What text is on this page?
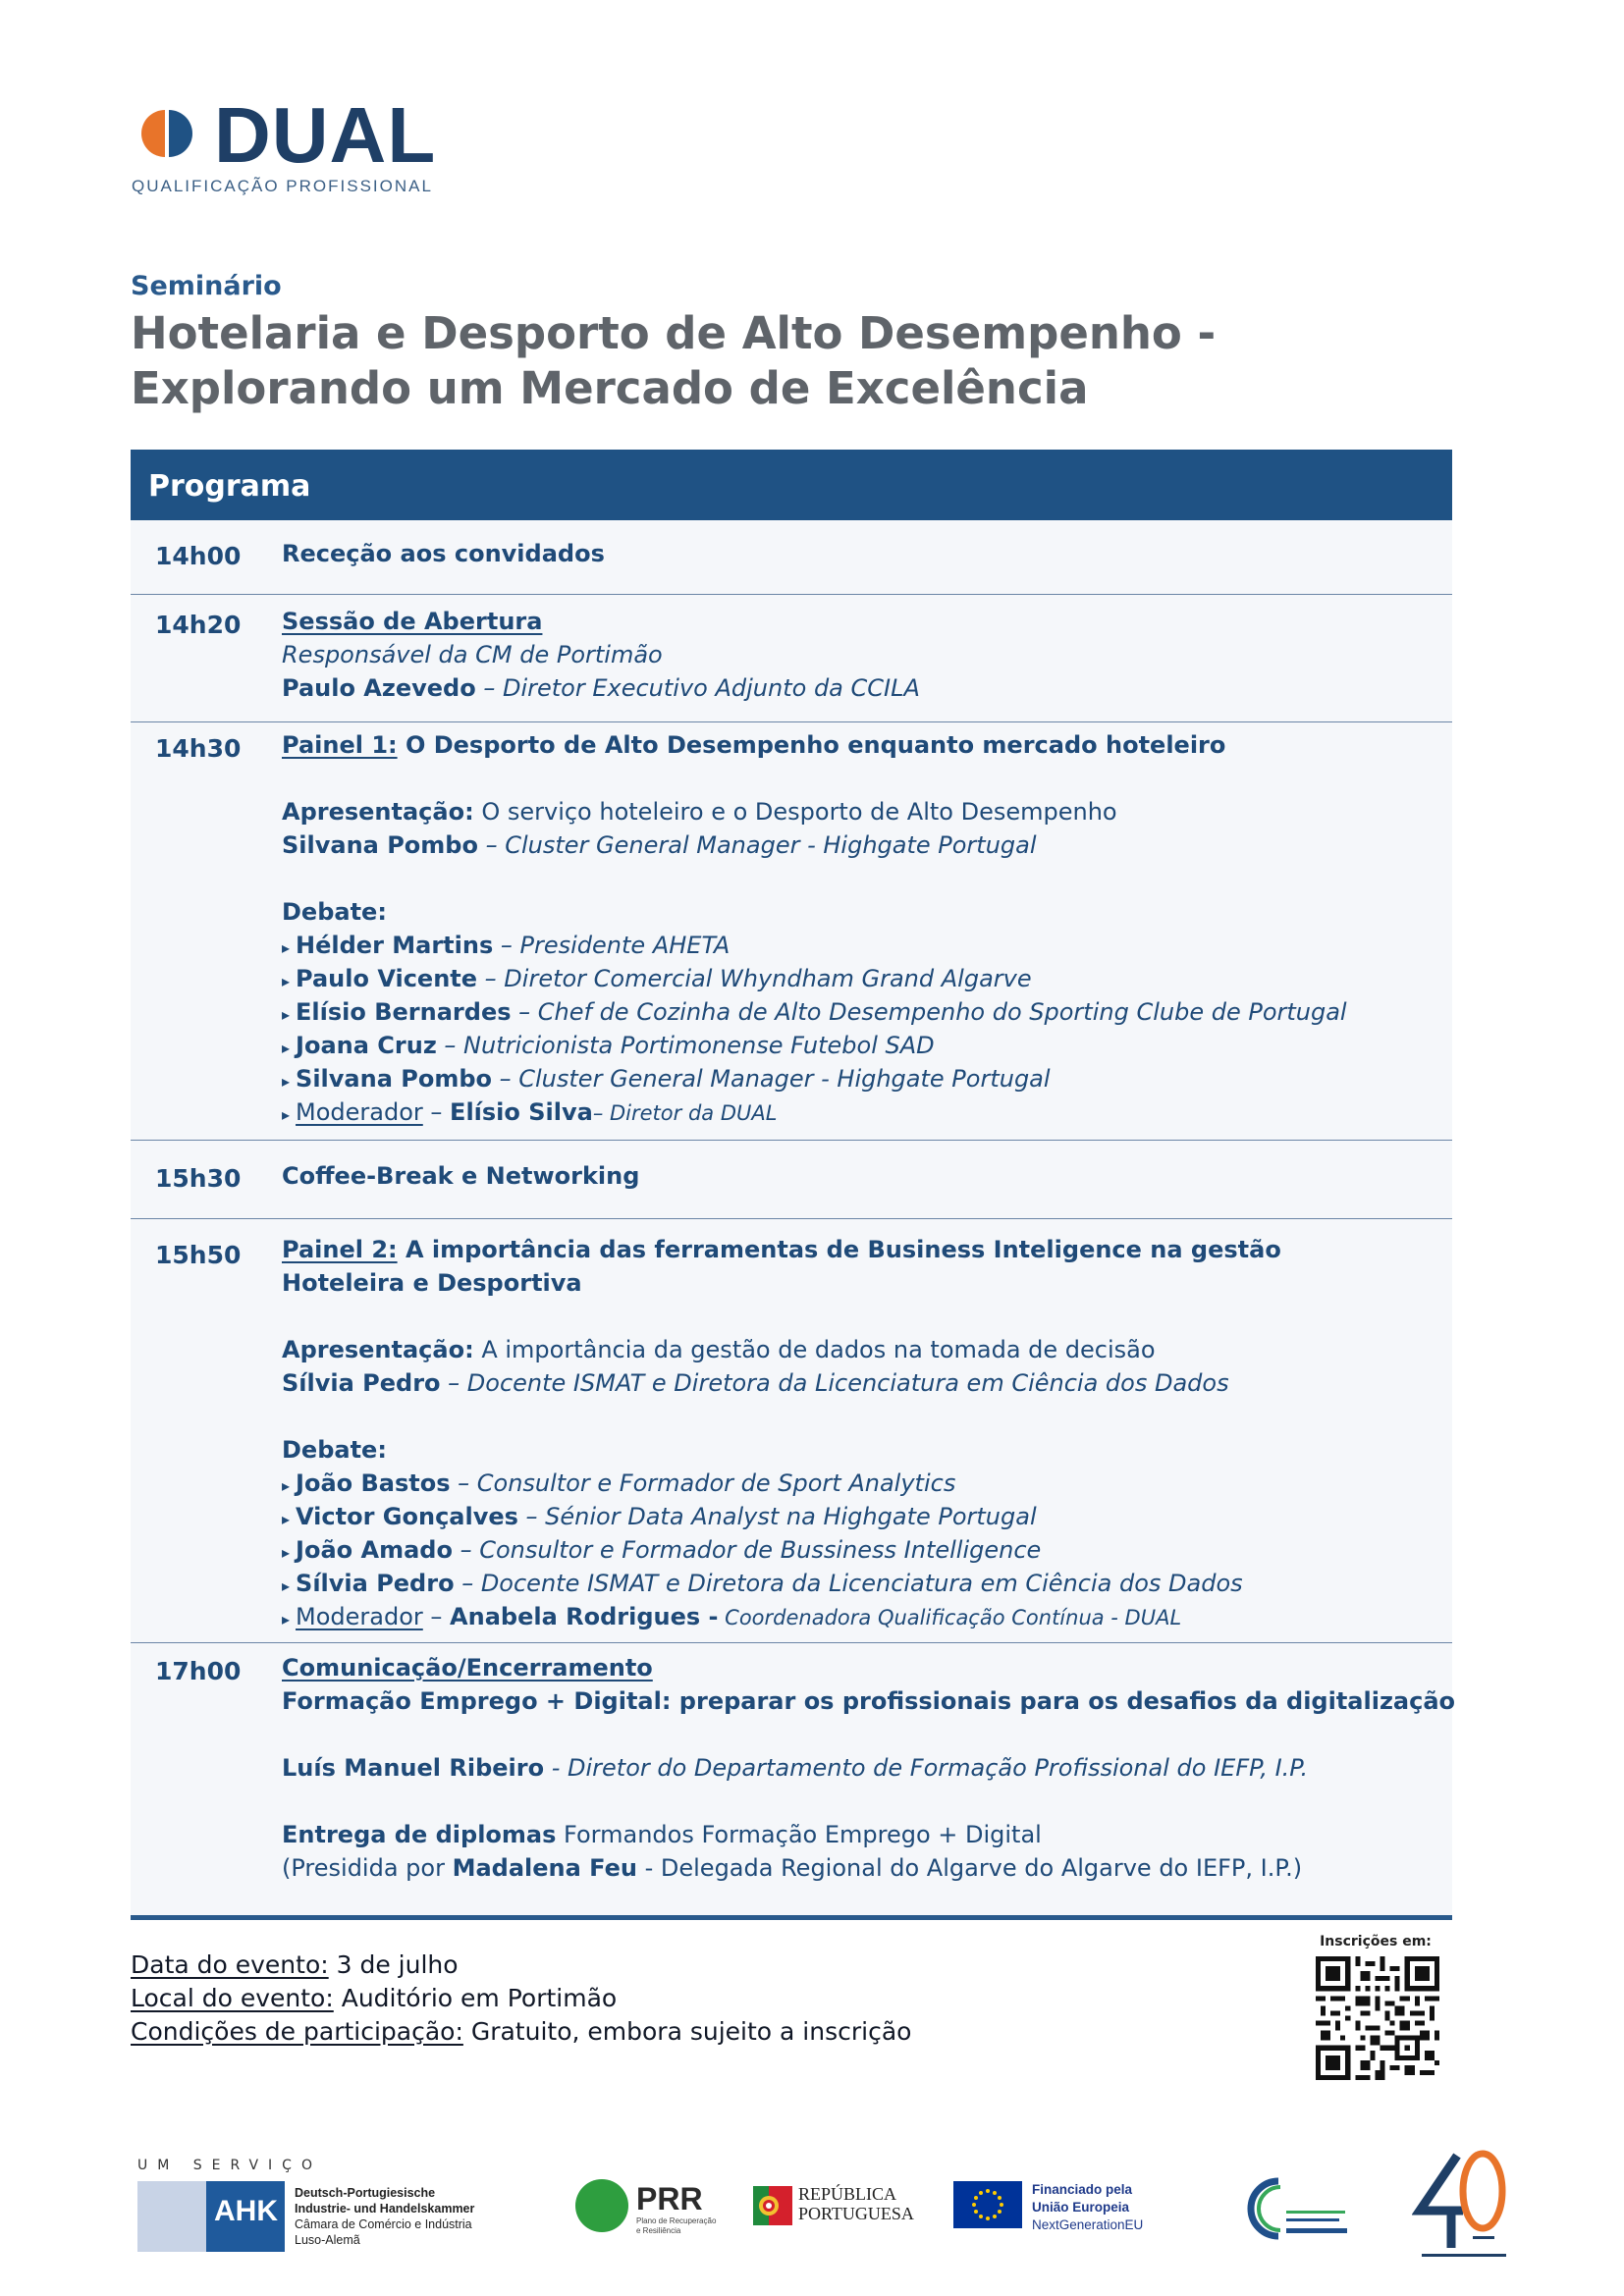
DUAL
QUALIFICAÇÃO PROFISSIONAL
Seminário
Hotelaria e Desporto de Alto Desempenho -
Explorando um Mercado de Excelência
Programa
14h00 Receção aos convidados
14h20 Sessão de Abertura
Responsável da CM de Portimão
Paulo Azevedo – Diretor Executivo Adjunto da CCILA
14h30 Painel 1: O Desporto de Alto Desempenho enquanto mercado hoteleiro
Apresentação: O serviço hoteleiro e o Desporto de Alto Desempenho
Silvana Pombo – Cluster General Manager - Highgate Portugal
Debate:
▸ Hélder Martins – Presidente AHETA
▸ Paulo Vicente – Diretor Comercial Whyndham Grand Algarve
▸ Elísio Bernardes – Chef de Cozinha de Alto Desempenho do Sporting Clube de Portugal
▸ Joana Cruz – Nutricionista Portimonense Futebol SAD
▸ Silvana Pombo – Cluster General Manager - Highgate Portugal
▸ Moderador – Elísio Silva– Diretor da DUAL
15h30 Coffee-Break e Networking
15h50 Painel 2: A importância das ferramentas de Business Inteligence na gestão
Hoteleira e Desportiva
Apresentação: A importância da gestão de dados na tomada de decisão
Sílvia Pedro – Docente ISMAT e Diretora da Licenciatura em Ciência dos Dados
Debate:
▸ João Bastos – Consultor e Formador de Sport Analytics
▸ Victor Gonçalves – Sénior Data Analyst na Highgate Portugal
▸ João Amado – Consultor e Formador de Bussiness Intelligence
▸ Sílvia Pedro – Docente ISMAT e Diretora da Licenciatura em Ciência dos Dados
▸ Moderador – Anabela Rodrigues - Coordenadora Qualificação Contínua - DUAL
17h00 Comunicação/Encerramento
Formação Emprego + Digital: preparar os profissionais para os desafios da digitalização
Luís Manuel Ribeiro - Diretor do Departamento de Formação Profissional do IEFP, I.P.
Entrega de diplomas Formandos Formação Emprego + Digital
(Presidida por Madalena Feu - Delegada Regional do Algarve do Algarve do IEFP, I.P.)
Data do evento: 3 de julho
Local do evento: Auditório em Portimão
Condições de participação: Gratuito, embora sujeito a inscrição
Inscrições em:
UM SERVIÇO
AHK
Deutsch-Portugiesische
Industrie- und Handelskammer
Câmara de Comércio e Indústria
Luso-Alemã
PRR
Plano de Recuperação
e Resiliência
REPÚBLICA
PORTUGUESA
Financiado pela
União Europeia
NextGenerationEU
